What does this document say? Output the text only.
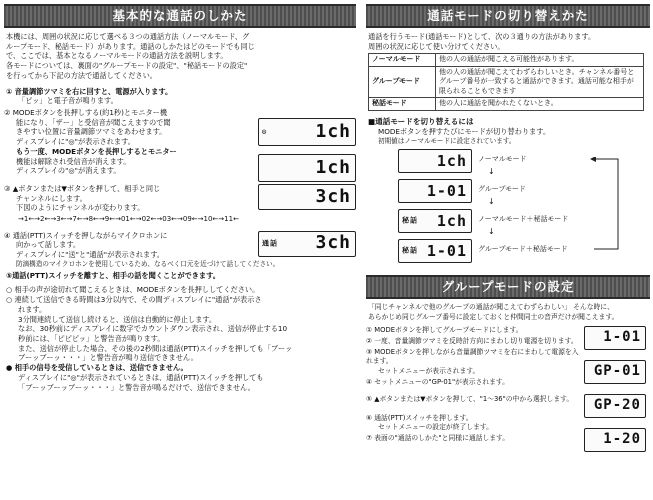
基本的な通話のしかた
本機には、周囲の状況に応じて選べる３つの通話方法（ノーマルモード、グ
ループモード、秘話モード）があります。通話のしかたはどのモードでも同じ
で、ここでは、基本となるノーマルモードの通話方法を説明します。
各モードについては、裏面の"グループモードの設定"、"秘話モードの設定"
を行ってから下記の方法で通話してください。
① 音量調節ツマミを右に回すと、電源が入ります。
「ピッ」と電子音が鳴ります。
② MODEボタンを長押しする(約1秒)とモニター機
能になり、「ザー」と受信音が聞こえますので聞
きやすい位置に音量調節ツマミをあわせます。
ディスプレイに"◎"が表示されます。
もう一度、MODEボタンを長押しするとモニター
機能は解除され受信音が消えます。
ディスプレイの"◎"が消えます。
◎	1ch
1ch
③ ▲ボタンまたは▼ボタンを押して、相手と同じ
チャンネルにします。
下図のようにチャンネルが変わります。
3ch
→1←→2←→3←→7←→8←→9←→01←→02←→03←→09←→10←→11←
④ 通話(PTT)スイッチを押しながらマイクロホンに
向かって話します。
ディスプレイに"送"と"通話"が表示されます。
通話 3ch
防滴構造のマイクロホンを使用しているため、なるべく口元を近づけて話してください。
⑤通話(PTT)スイッチを離すと、相手の話を聞くことができます。
○ 相手の声が途切れて聞こえるときは、MODEボタンを長押ししてください。
○ 連続して送信できる時間は3分以内で、その間ディスプレイに"通話"が表示さ
れます。
3分間連続して送信し続けると、送信は自動的に停止します。
なお、30秒前にディスプレイに数字でカウントダウン表示され、送信が停止する10
秒前には、「ピピピッ」と警告音が鳴ります。
また、送信が停止した場合、その後の2秒間は通話(PTT)スイッチを押しても「ブーッ
ブーッブーッ・・・」と警告音が鳴り送信できません。
● 相手の信号を受信しているときは、送信できません。
ディスプレイに"◎"が表示されているときは、通話(PTT)スイッチを押しても
「ブーッブーッブーッ・・・」と警告音が鳴るだけで、送信できません。
通話モードの切り替えかた
通話を行うモード(通話モード)として、次の３通りの方法があります。
周囲の状況に応じて使い分けてください。
ノーマルモード	他の人の通話が聞こえる可能性があります。
グループモード	他の人の通話が聞こえてわずらわしいとき。チャンネル番号とグループ番号が一致すると通話ができます。通話可能な相手が限られることもできます
秘話モード	他の人に通話を聞かれたくないとき。
■通話モードを切り替えるには
MODEボタンを押すたびにモードが切り替わります。
初期値はノーマルモードに設定されています。
1ch ノーマルモード
↓
1-01 グループモード
↓
秘話 1ch ノーマルモード＋秘話モード
↓
秘話 1-01 グループモード＋秘話モード
グループモードの設定
「同じチャンネルで他のグループの通話が聞こえてわずらわしい」 そんな時に、
あらかじめ同じグループ番号に設定しておくと仲間同士の音声だけが聞こえます。
① MODEボタンを押してグループモードにします。
② 一度、音量調節ツマミを反時計方向にまわし切り電源を切ります。
③ MODEボタンを押しながら音量調節ツマミを右にまわして電源を入れます。
セットメニューが表示されます。
④ セットメニューの"GP-01"が表示されます。
⑤ ▲ボタンまたは▼ボタンを押して、"1～36"の中から選択します。
⑥ 通話(PTT)スイッチを押します。
セットメニューの設定が終了します。
⑦ 表面の"通話のしかた"と同様に通話します。
1-01
GP-01
GP-20
1-20
